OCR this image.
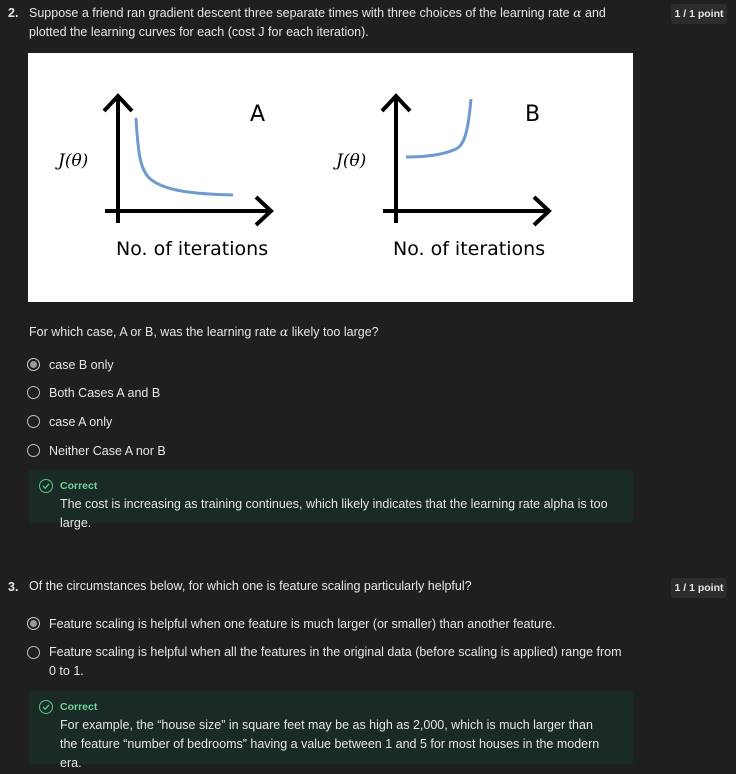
2. Suppose a friend ran gradient descent three separate times with three choices of the learning rate α and plotted the learning curves for each (cost J for each iteration).
1 / 1 point
A
J(θ)
No. of iterations
B
J(θ)
No. of iterations
For which case, A or B, was the learning rate α likely too large?
case B only
Both Cases A and B
case A only
Neither Case A nor B
Correct
The cost is increasing as training continues, which likely indicates that the learning rate alpha is too large.
3. Of the circumstances below, for which one is feature scaling particularly helpful?	1 / 1 point
Feature scaling is helpful when one feature is much larger (or smaller) than another feature.
Feature scaling is helpful when all the features in the original data (before scaling is applied) range from 0 to 1.
Correct
For example, the “house size” in square feet may be as high as 2,000, which is much larger than the feature “number of bedrooms” having a value between 1 and 5 for most houses in the modern era.
